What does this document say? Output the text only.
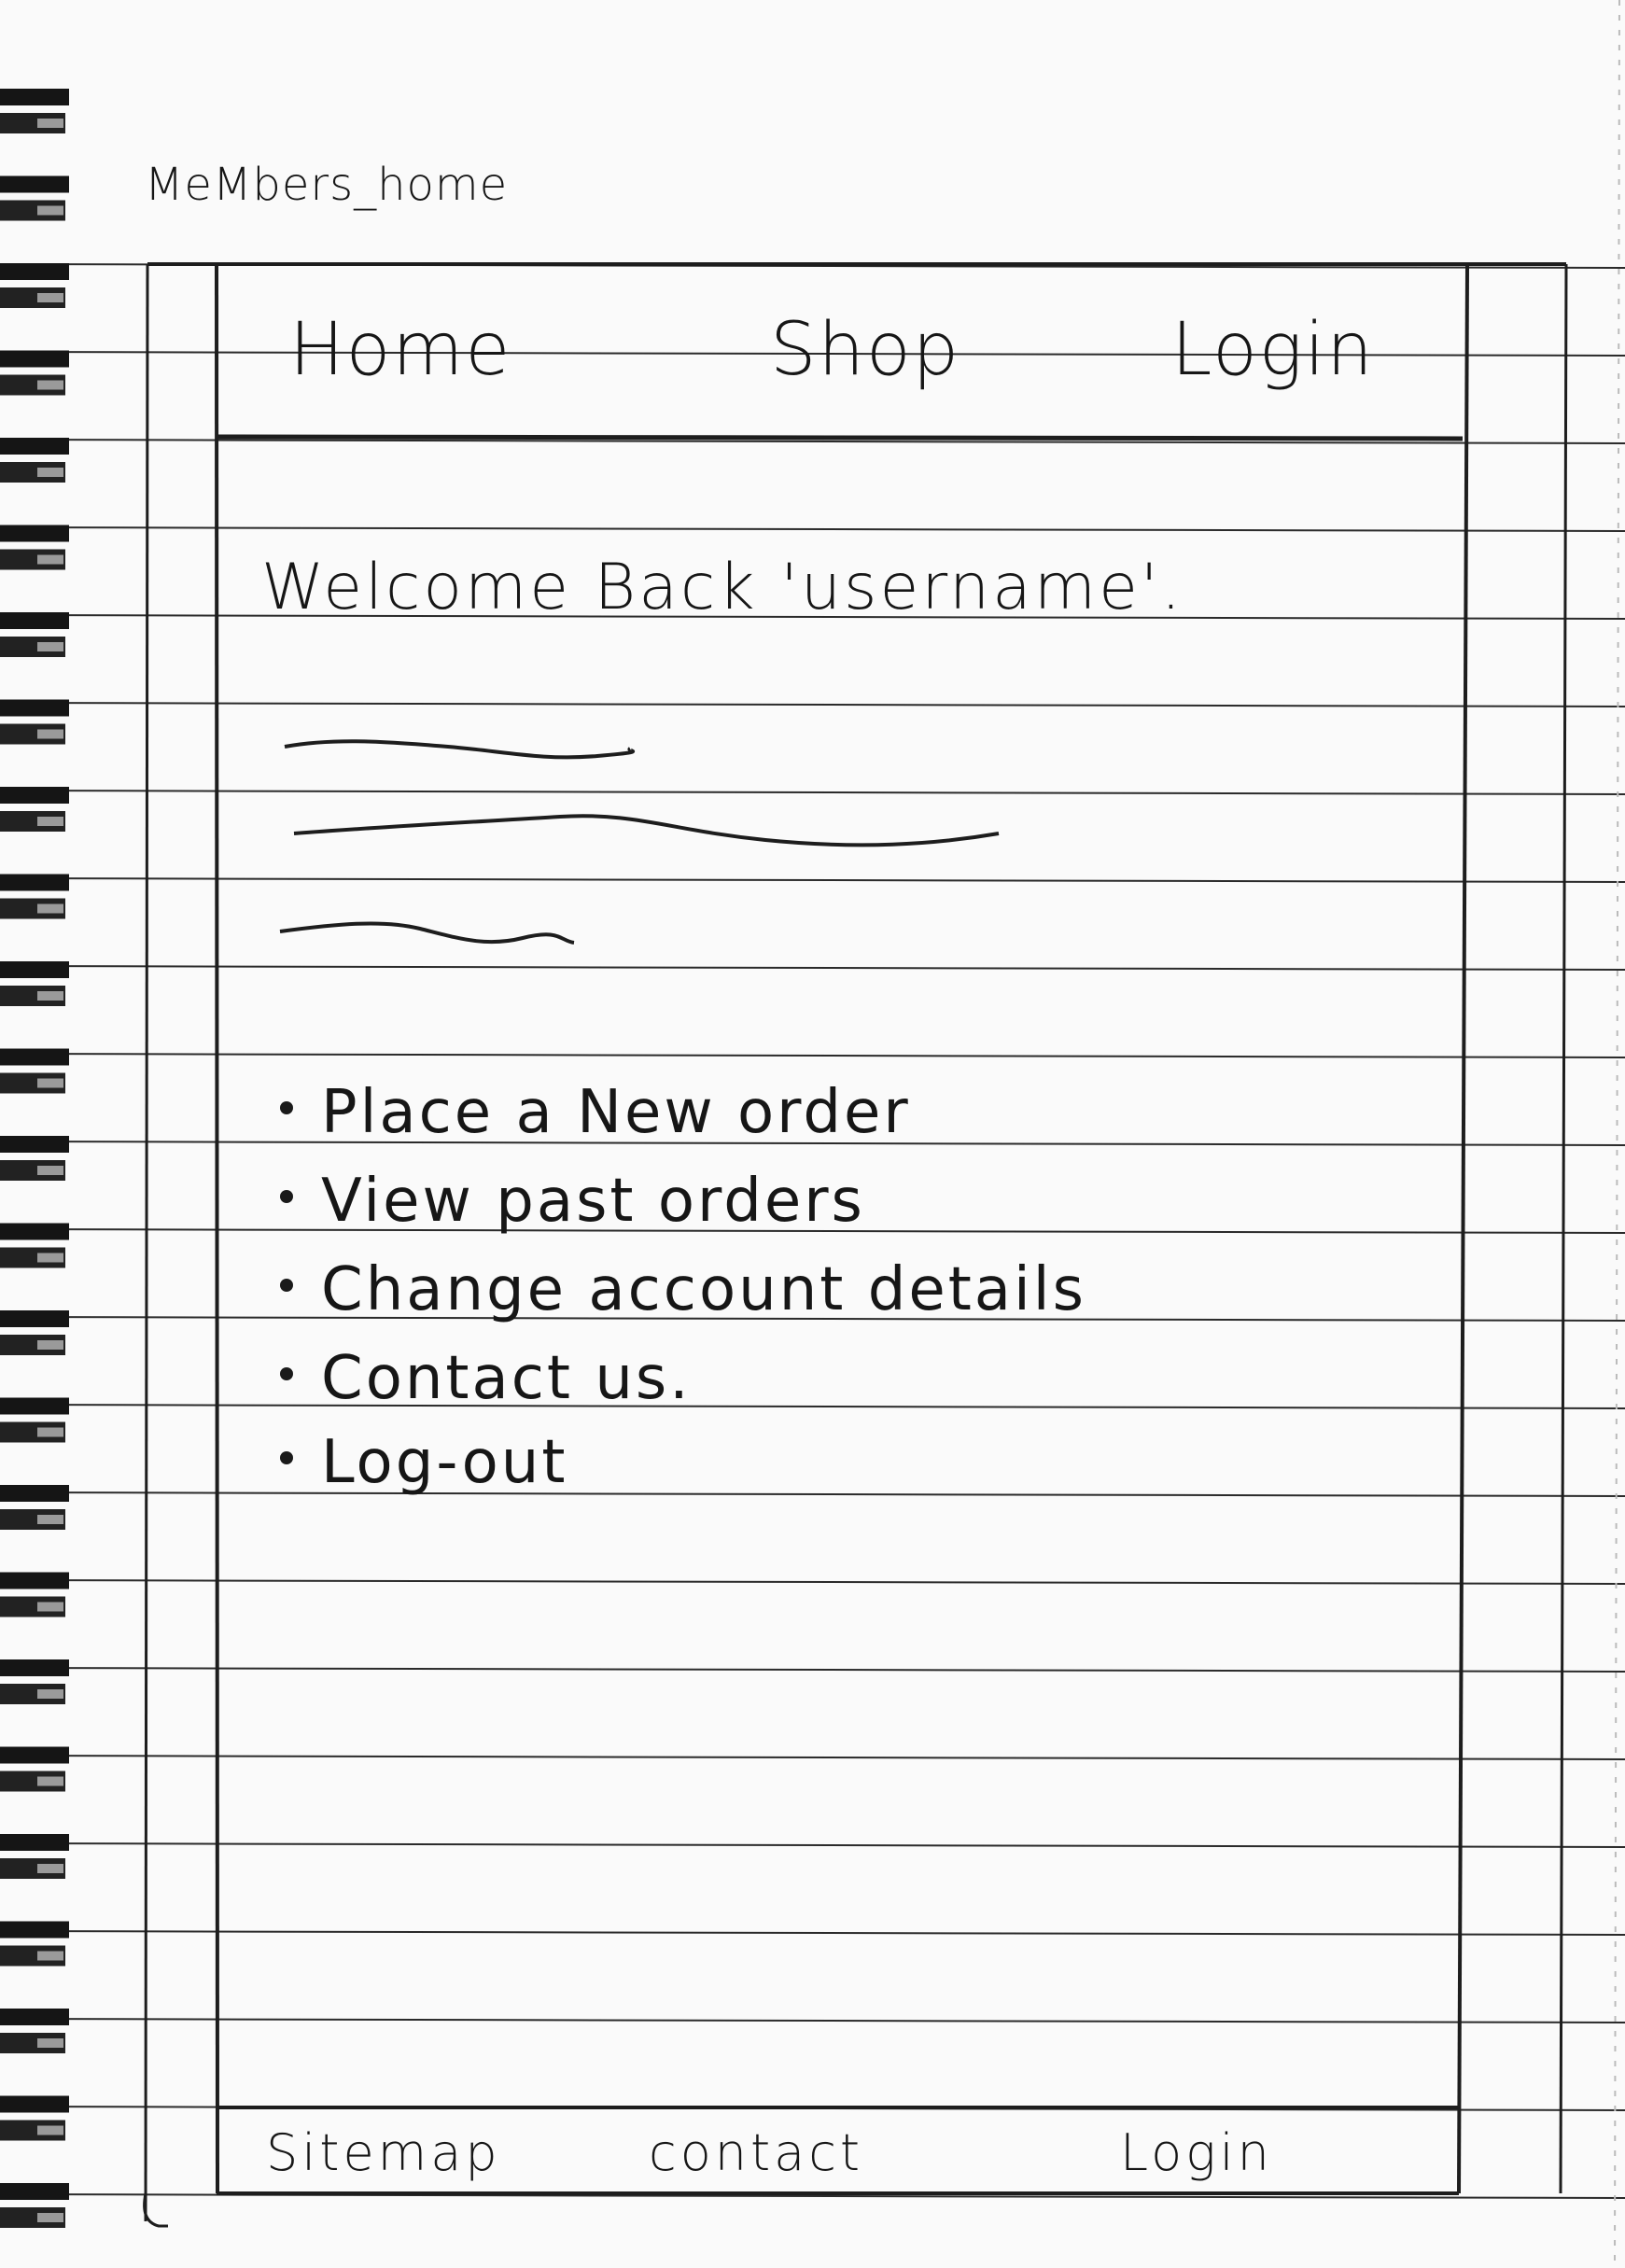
MeMbers_home
Home	Shop	Login
Welcome Back 'username'.
Place a New order
View past orders
Change account details
Contact us.
Log-out
Sitemap	contact	Login
